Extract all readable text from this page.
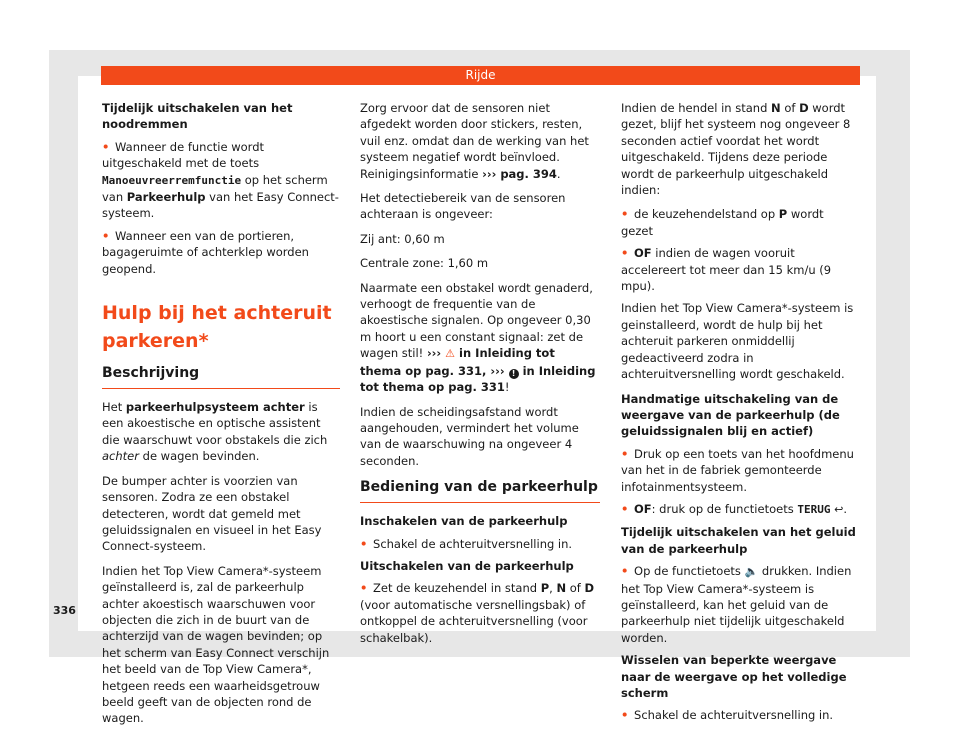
Rijde
336

Tijdelijk uitschakelen van het noodremmen

• Wanneer de functie wordt uitgeschakeld met de toets Manoeuvreerremfunctie op het scherm van Parkeerhulp van het Easy Connect-systeem.

• Wanneer een van de portieren, bagageruimte of achterklep worden geopend.

Hulp bij het achteruit parkeren*
Beschrijving

Het parkeerhulpsysteem achter is een akoestische en optische assistent die waarschuwt voor obstakels die zich achter de wagen bevinden.

De bumper achter is voorzien van sensoren. Zodra ze een obstakel detecteren, wordt dat gemeld met geluidssignalen en visueel in het Easy Connect-systeem.

Indien het Top View Camera*-systeem geïnstalleerd is, zal de parkeerhulp achter akoestisch waarschuwen voor objecten die zich in de buurt van de achterzijd van de wagen bevinden; op het scherm van Easy Connect verschijn het beeld van de Top View Camera*, hetgeen reeds een waarheidsgetrouw beeld geeft van de objecten rond de wagen.

Zorg ervoor dat de sensoren niet afgedekt worden door stickers, resten, vuil enz. omdat dan de werking van het systeem negatief wordt beïnvloed. Reinigingsinformatie ››› pag. 394.

Het detectiebereik van de sensoren achteraan is ongeveer:

Zij ant: 0,60 m

Centrale zone: 1,60 m

Naarmate een obstakel wordt genaderd, verhoogt de frequentie van de akoestische signalen. Op ongeveer 0,30 m hoort u een constant signaal: zet de wagen stil! ››› ⚠ in Inleiding tot thema op pag. 331, ››› ! in Inleiding tot thema op pag. 331!

Indien de scheidingsafstand wordt aangehouden, vermindert het volume van de waarschuwing na ongeveer 4 seconden.

Bediening van de parkeerhulp

Inschakelen van de parkeerhulp

• Schakel de achteruitversnelling in.

Uitschakelen van de parkeerhulp

• Zet de keuzehendel in stand P, N of D (voor automatische versnellingsbak) of ontkoppel de achteruitversnelling (voor schakelbak).

Indien de hendel in stand N of D wordt gezet, blijf het systeem nog ongeveer 8 seconden actief voordat het wordt uitgeschakeld. Tijdens deze periode wordt de parkeerhulp uitgeschakeld indien:

• de keuzehendelstand op P wordt gezet

• OF indien de wagen vooruit accelereert tot meer dan 15 km/u (9 mpu).

Indien het Top View Camera*-systeem is geinstalleerd, wordt de hulp bij het achteruit parkeren onmiddellij gedeactiveerd zodra in achteruitversnelling wordt geschakeld.

Handmatige uitschakeling van de weergave van de parkeerhulp (de geluidssignalen blij en actief)

• Druk op een toets van het hoofdmenu van het in de fabriek gemonteerde infotainmentsysteem.

• OF: druk op de functietoets TERUG ↩.

Tijdelijk uitschakelen van het geluid van de parkeerhulp

• Op de functietoets 🔈 drukken. Indien het Top View Camera*-systeem is geïnstalleerd, kan het geluid van de parkeerhulp niet tijdelijk uitgeschakeld worden.

Wisselen van beperkte weergave naar de weergave op het volledige scherm

• Schakel de achteruitversnelling in.
